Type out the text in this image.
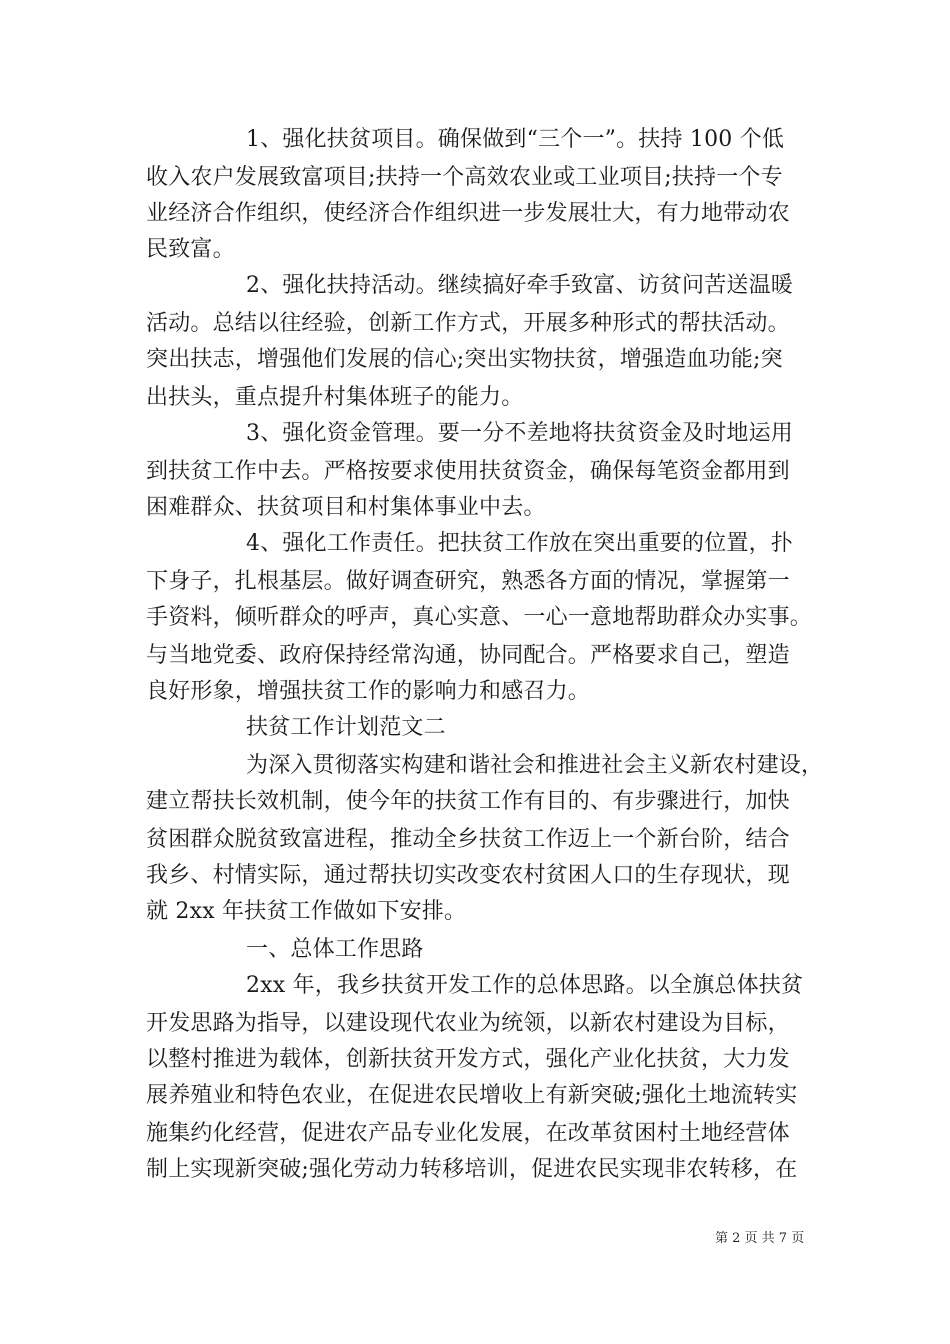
1、强化扶贫项目。确保做到“三个一”。扶持 100 个低
收入农户发展致富项目;扶持一个高效农业或工业项目;扶持一个专
业经济合作组织，使经济合作组织进一步发展壮大，有力地带动农
民致富。
2、强化扶持活动。继续搞好牵手致富、访贫问苦送温暖
活动。总结以往经验，创新工作方式，开展多种形式的帮扶活动。
突出扶志，增强他们发展的信心;突出实物扶贫，增强造血功能;突
出扶头，重点提升村集体班子的能力。
3、强化资金管理。要一分不差地将扶贫资金及时地运用
到扶贫工作中去。严格按要求使用扶贫资金，确保每笔资金都用到
困难群众、扶贫项目和村集体事业中去。
4、强化工作责任。把扶贫工作放在突出重要的位置，扑
下身子，扎根基层。做好调查研究，熟悉各方面的情况，掌握第一
手资料，倾听群众的呼声，真心实意、一心一意地帮助群众办实事。
与当地党委、政府保持经常沟通，协同配合。严格要求自己，塑造
良好形象，增强扶贫工作的影响力和感召力。
扶贫工作计划范文二
为深入贯彻落实构建和谐社会和推进社会主义新农村建设，
建立帮扶长效机制，使今年的扶贫工作有目的、有步骤进行，加快
贫困群众脱贫致富进程，推动全乡扶贫工作迈上一个新台阶，结合
我乡、村情实际，通过帮扶切实改变农村贫困人口的生存现状，现
就 2xx 年扶贫工作做如下安排。
一、总体工作思路
2xx 年，我乡扶贫开发工作的总体思路。以全旗总体扶贫
开发思路为指导，以建设现代农业为统领，以新农村建设为目标，
以整村推进为载体，创新扶贫开发方式，强化产业化扶贫，大力发
展养殖业和特色农业，在促进农民增收上有新突破;强化土地流转实
施集约化经营，促进农产品专业化发展，在改革贫困村土地经营体
制上实现新突破;强化劳动力转移培训，促进农民实现非农转移，在
第 2 页 共 7 页
